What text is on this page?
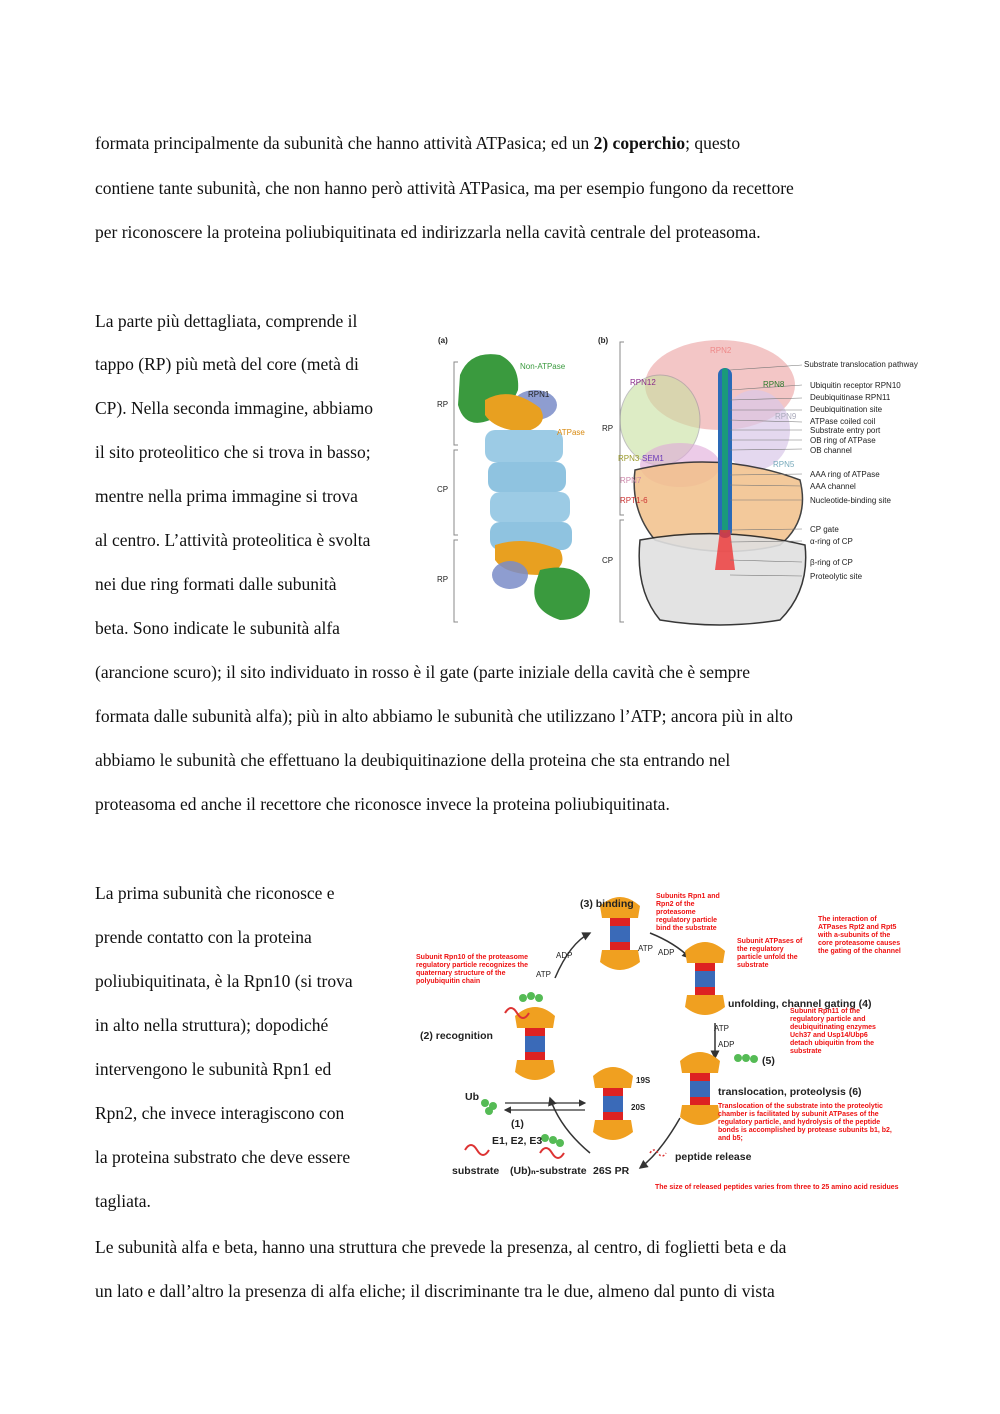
formata principalmente da subunità che hanno attività ATPasica; ed un 2) coperchio; questo
contiene tante subunità, che non hanno però attività ATPasica, ma per esempio fungono da recettore
per riconoscere la proteina poliubiquitinata ed indirizzarla nella cavità centrale del proteasoma.
La parte più dettagliata, comprende il
tappo (RP) più metà del core (metà di
CP). Nella seconda immagine, abbiamo
il sito proteolitico che si trova in basso;
mentre nella prima immagine si trova
al centro. L’attività proteolitica è svolta
nei due ring formati dalle subunità
beta. Sono indicate le subunità alfa
(arancione scuro); il sito individuato in rosso è il gate (parte iniziale della cavità che è sempre
formata dalle subunità alfa); più in alto abbiamo le subunità che utilizzano l’ATP; ancora più in alto
abbiamo le subunità che effettuano la deubiquitinazione della proteina che sta entrando nel
proteasoma ed anche il recettore che riconosce invece la proteina poliubiquitinata.
(a)	(b)
Non-ATPase
RPN1
ATPase
RP
CP
RP
RPN2
RPN12	RPN8
RPN9
RP
RPN3 SEM1
RPN5
RPN7
RPT1-6
CP
Substrate translocation pathway
Ubiquitin receptor RPN10
Deubiquitinase RPN11
Deubiquitination site
ATPase coiled coil
Substrate entry port
OB ring of ATPase
OB channel
AAA ring of ATPase
AAA channel
Nucleotide-binding site
CP gate
α-ring of CP
β-ring of CP
Proteolytic site
La prima subunità che riconosce e
prende contatto con la proteina
poliubiquitinata, è la Rpn10 (si trova
in alto nella struttura); dopodiché
intervengono le subunità Rpn1 ed
Rpn2, che invece interagiscono con
la proteina substrato che deve essere
tagliata.
(3) binding
Subunits Rpn1 and Rpn2 of the proteasome regulatory particle bind the substrate
The interaction of ATPases Rpt2 and Rpt5 with a-subunits of the core proteasome causes the gating of the channel
Subunit ATPases of the regulatory particle unfold the substrate
Subunit Rpn10 of the proteasome regulatory particle recognizes the quaternary structure of the polyubiquitin chain
ADP
ATP
ATP ADP
unfolding, channel gating (4)
Subunit Rpn11 of the regulatory particle and deubiquitinating enzymes Uch37 and Usp14/Ubp6 detach ubiquitin from the substrate
(2) recognition
ATP
ADP
(5)
19S
translocation, proteolysis (6)
20S
Ub
Translocation of the substrate into the proteolytic chamber is facilitated by subunit ATPases of the regulatory particle, and hydrolysis of the peptide bonds is accomplished by protease subunits b1, b2, and b5;
(1)
E1, E2, E3
peptide release
substrate (Ub)ₙ-substrate 26S PR
The size of released peptides varies from three to 25 amino acid residues
Le subunità alfa e beta, hanno una struttura che prevede la presenza, al centro, di foglietti beta e da
un lato e dall’altro la presenza di alfa eliche; il discriminante tra le due, almeno dal punto di vista
